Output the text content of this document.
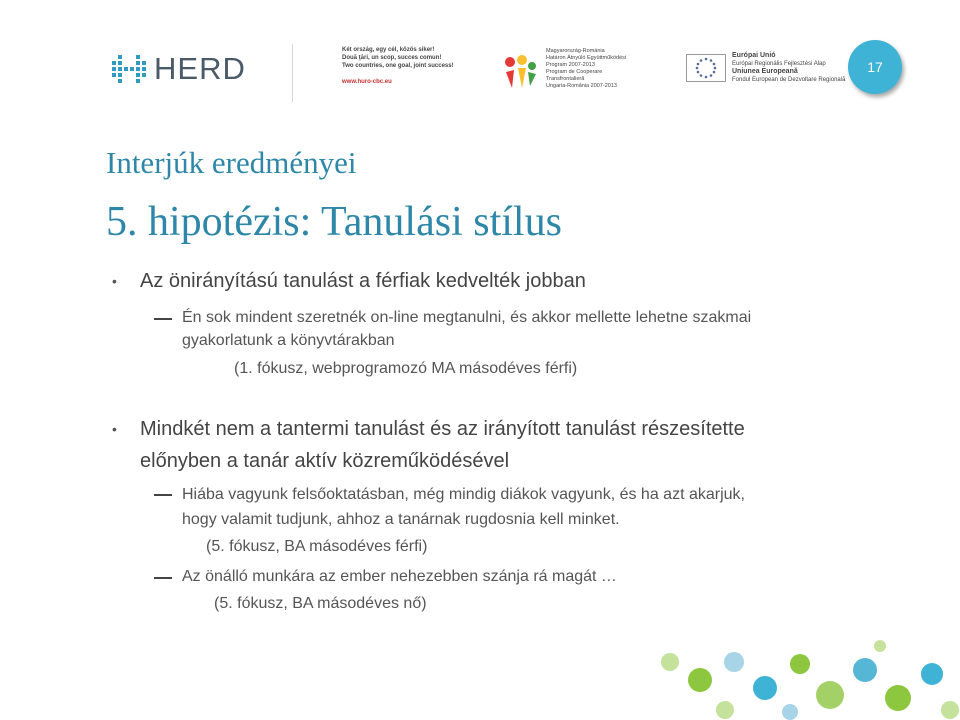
HERD
Két ország, egy cél, közös siker!
Două ţări, un scop, succes comun!
Two countries, one goal, joint success!
www.huro-cbc.eu
Magyarország-Románia
Határon Átnyúló Együttműködési
Program 2007-2013
Program de Cooperare
Transfrontalieră
Ungaria-România 2007-2013
Európai Unió
Európai Regionális Fejlesztési Alap
Uniunea Europeană
Fondul European de Dezvoltare Regională
17
Interjúk eredményei
5. hipotézis: Tanulási stílus
• Az önirányítású tanulást a férfiak kedvelték jobban
Én sok mindent szeretnék on-line megtanulni, és akkor mellette lehetne szakmai
gyakorlatunk a könyvtárakban
(1. fókusz, webprogramozó MA másodéves férfi)
• Mindkét nem a tantermi tanulást és az irányított tanulást részesítette
előnyben a tanár aktív közreműködésével
Hiába vagyunk felsőoktatásban, még mindig diákok vagyunk, és ha azt akarjuk,
hogy valamit tudjunk, ahhoz a tanárnak rugdosnia kell minket.
(5. fókusz, BA másodéves férfi)
Az önálló munkára az ember nehezebben szánja rá magát …
(5. fókusz, BA másodéves nő)
